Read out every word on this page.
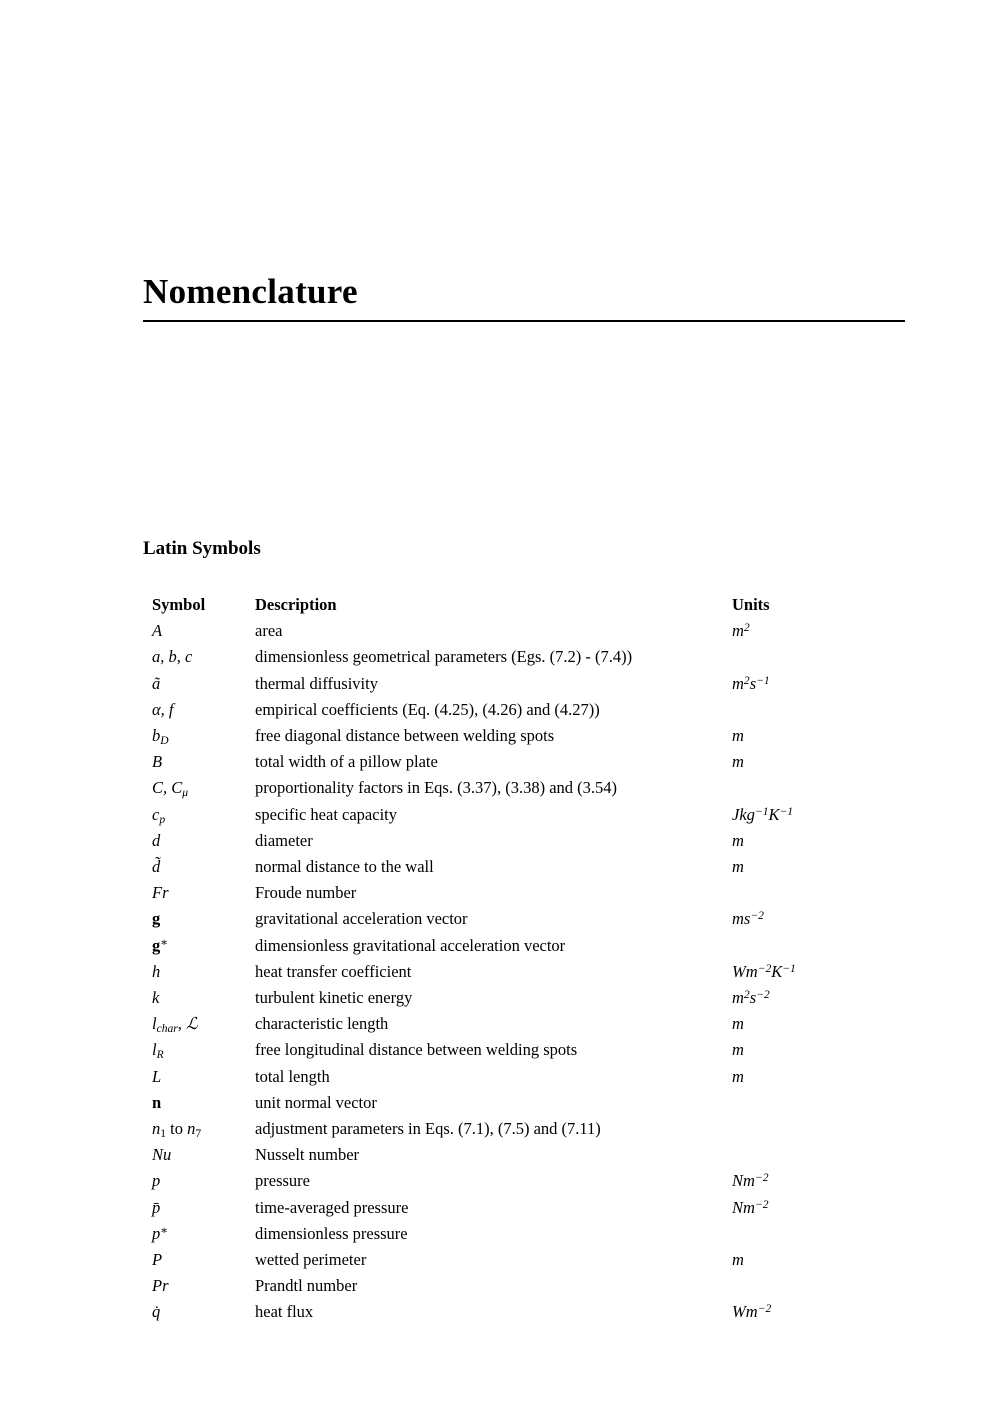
Nomenclature
Latin Symbols
Symbol	Description	Units
A	area	$m^2$
a, b, c	dimensionless geometrical parameters (Egs. (7.2) - (7.4))
ã	thermal diffusivity	$m^2s^{-1}$
α, f	empirical coefficients (Eq. (4.25), (4.26) and (4.27))
$b_D$	free diagonal distance between welding spots	m
B	total width of a pillow plate	m
C, $C_\mu$	proportionality factors in Eqs. (3.37), (3.38) and (3.54)
$c_p$	specific heat capacity	$Jkg^{-1}K^{-1}$
d	diameter	m
d̃	normal distance to the wall	m
Fr	Froude number
g	gravitational acceleration vector	$ms^{-2}$
g∗	dimensionless gravitational acceleration vector
h	heat transfer coefficient	$Wm^{-2}K^{-1}$
k	turbulent kinetic energy	$m^2s^{-2}$
$l_{char}$, ℒ	characteristic length	m
$l_R$	free longitudinal distance between welding spots	m
L	total length	m
n	unit normal vector
$n_1$ to $n_7$	adjustment parameters in Eqs. (7.1), (7.5) and (7.11)
Nu	Nusselt number
p	pressure	$Nm^{-2}$
p̄	time-averaged pressure	$Nm^{-2}$
p∗	dimensionless pressure
P	wetted perimeter	m
Pr	Prandtl number
q̇	heat flux	$Wm^{-2}$
